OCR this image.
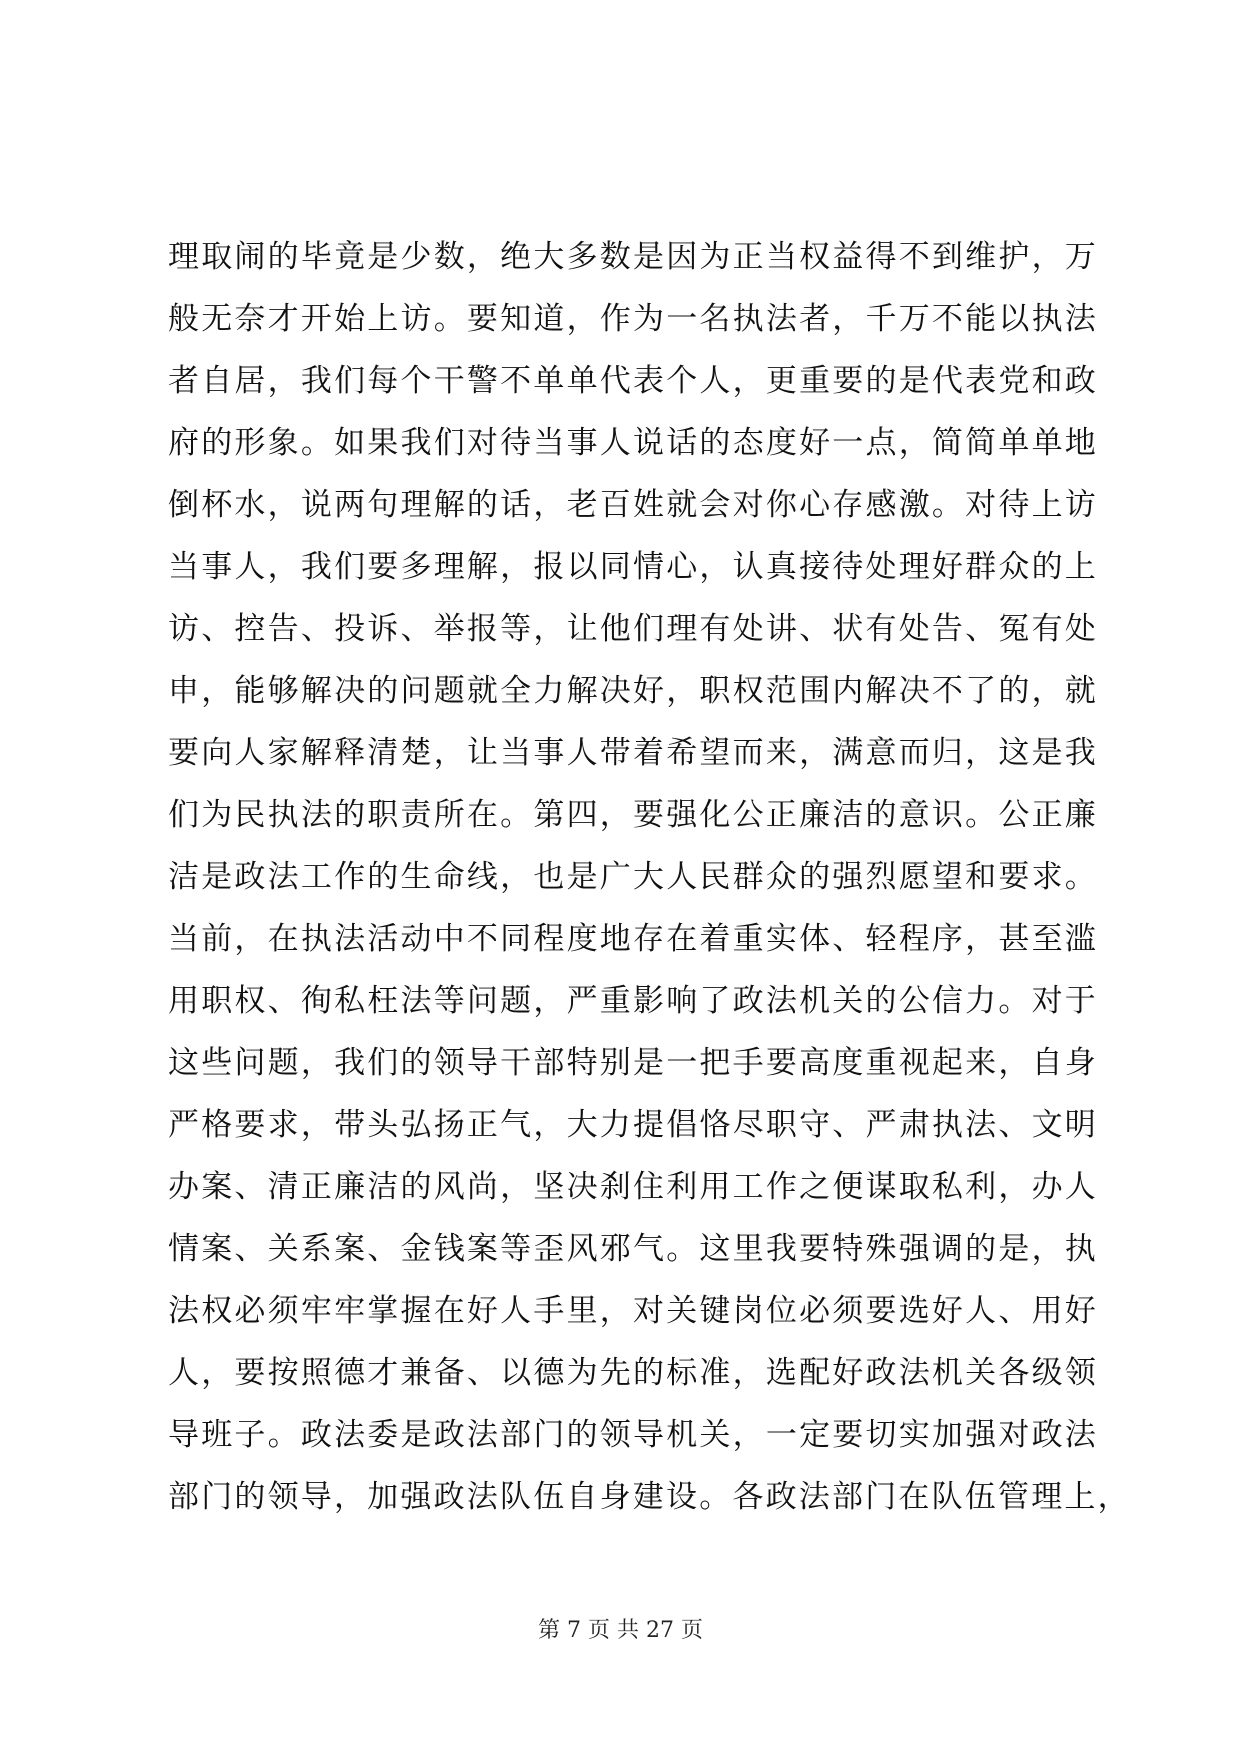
理取闹的毕竟是少数，绝大多数是因为正当权益得不到维护，万
般无奈才开始上访。要知道，作为一名执法者，千万不能以执法
者自居，我们每个干警不单单代表个人，更重要的是代表党和政
府的形象。如果我们对待当事人说话的态度好一点，简简单单地
倒杯水，说两句理解的话，老百姓就会对你心存感激。对待上访
当事人，我们要多理解，报以同情心，认真接待处理好群众的上
访、控告、投诉、举报等，让他们理有处讲、状有处告、冤有处
申，能够解决的问题就全力解决好，职权范围内解决不了的，就
要向人家解释清楚，让当事人带着希望而来，满意而归，这是我
们为民执法的职责所在。第四，要强化公正廉洁的意识。公正廉
洁是政法工作的生命线，也是广大人民群众的强烈愿望和要求。
当前，在执法活动中不同程度地存在着重实体、轻程序，甚至滥
用职权、徇私枉法等问题，严重影响了政法机关的公信力。对于
这些问题，我们的领导干部特别是一把手要高度重视起来，自身
严格要求，带头弘扬正气，大力提倡恪尽职守、严肃执法、文明
办案、清正廉洁的风尚，坚决刹住利用工作之便谋取私利，办人
情案、关系案、金钱案等歪风邪气。这里我要特殊强调的是，执
法权必须牢牢掌握在好人手里，对关键岗位必须要选好人、用好
人，要按照德才兼备、以德为先的标准，选配好政法机关各级领
导班子。政法委是政法部门的领导机关，一定要切实加强对政法
部门的领导，加强政法队伍自身建设。各政法部门在队伍管理上，
第 7 页 共 27 页
